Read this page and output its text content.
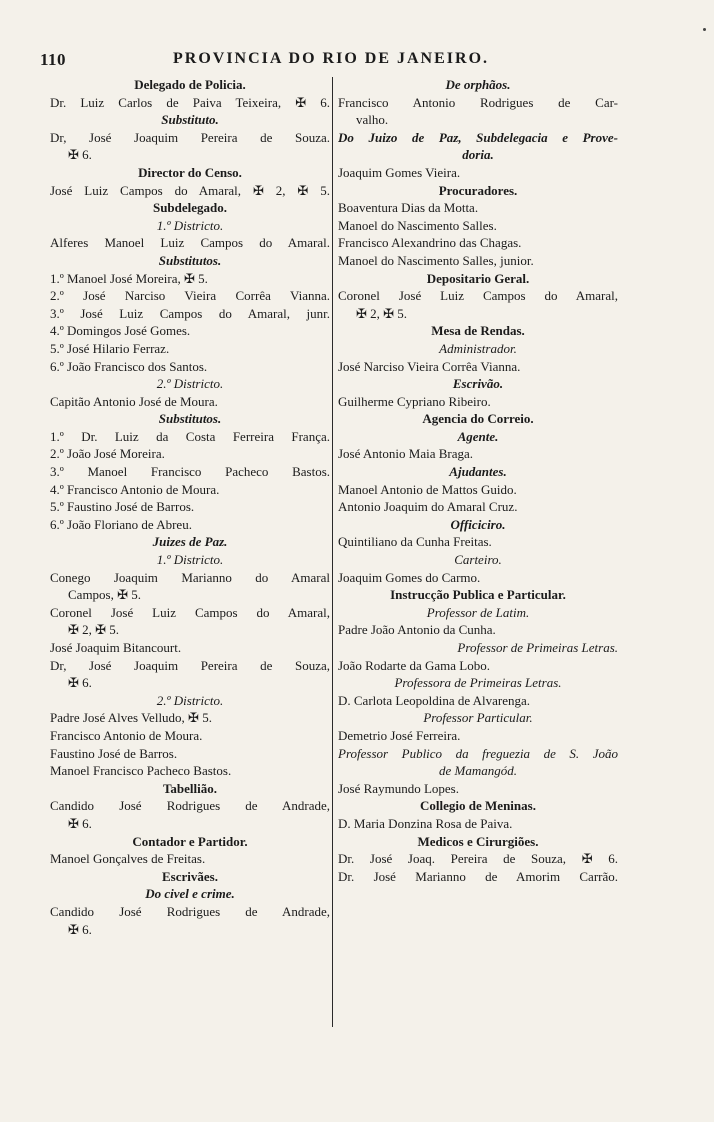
110	PROVINCIA DO RIO DE JANEIRO.
Delegado de Policia.
Dr. Luiz Carlos de Paiva Teixeira, ✠ 6.
Substituto.
Dr, José Joaquim Pereira de Souza.
✠ 6.
Director do Censo.
José Luiz Campos do Amaral, ✠ 2, ✠ 5.
Subdelegado.
1.º Districto.
Alferes Manoel Luiz Campos do Amaral.
Substitutos.
1.º Manoel José Moreira, ✠ 5.
2.º José Narciso Vieira Corrêa Vianna.
3.º José Luiz Campos do Amaral, junr.
4.º Domingos José Gomes.
5.º José Hilario Ferraz.
6.º João Francisco dos Santos.
2.º Districto.
Capitão Antonio José de Moura.
Substitutos.
1.º Dr. Luiz da Costa Ferreira França.
2.º João José Moreira.
3.º Manoel Francisco Pacheco Bastos.
4.º Francisco Antonio de Moura.
5.º Faustino José de Barros.
6.º João Floriano de Abreu.
Juizes de Paz.
1.º Districto.
Conego Joaquim Marianno do Amaral
Campos, ✠ 5.
Coronel José Luiz Campos do Amaral,
✠ 2, ✠ 5.
José Joaquim Bitancourt.
Dr, José Joaquim Pereira de Souza,
✠ 6.
2.º Districto.
Padre José Alves Velludo, ✠ 5.
Francisco Antonio de Moura.
Faustino José de Barros.
Manoel Francisco Pacheco Bastos.
Tabellião.
Candido José Rodrigues de Andrade,
✠ 6.
Contador e Partidor.
Manoel Gonçalves de Freitas.
Escrivães.
Do civel e crime.
Candido José Rodrigues de Andrade,
✠ 6.
De orphãos.
Francisco Antonio Rodrigues de Car-
valho.
Do Juizo de Paz, Subdelegacia e Prove-
doria.
Joaquim Gomes Vieira.
Procuradores.
Boaventura Dias da Motta.
Manoel do Nascimento Salles.
Francisco Alexandrino das Chagas.
Manoel do Nascimento Salles, junior.
Depositario Geral.
Coronel José Luiz Campos do Amaral,
✠ 2, ✠ 5.
Mesa de Rendas.
Administrador.
José Narciso Vieira Corrêa Vianna.
Escrivão.
Guilherme Cypriano Ribeiro.
Agencia do Correio.
Agente.
José Antonio Maia Braga.
Ajudantes.
Manoel Antonio de Mattos Guido.
Antonio Joaquim do Amaral Cruz.
Officiciro.
Quintiliano da Cunha Freitas.
Carteiro.
Joaquim Gomes do Carmo.
Instrucção Publica e Particular.
Professor de Latim.
Padre João Antonio da Cunha.
Professor de Primeiras Letras.
João Rodarte da Gama Lobo.
Professora de Primeiras Letras.
D. Carlota Leopoldina de Alvarenga.
Professor Particular.
Demetrio José Ferreira.
Professor Publico da freguezia de S. João
de Mamangód.
José Raymundo Lopes.
Collegio de Meninas.
D. Maria Donzina Rosa de Paiva.
Medicos e Cirurgiões.
Dr. José Joaq. Pereira de Souza, ✠ 6.
Dr. José Marianno de Amorim Carrão.
